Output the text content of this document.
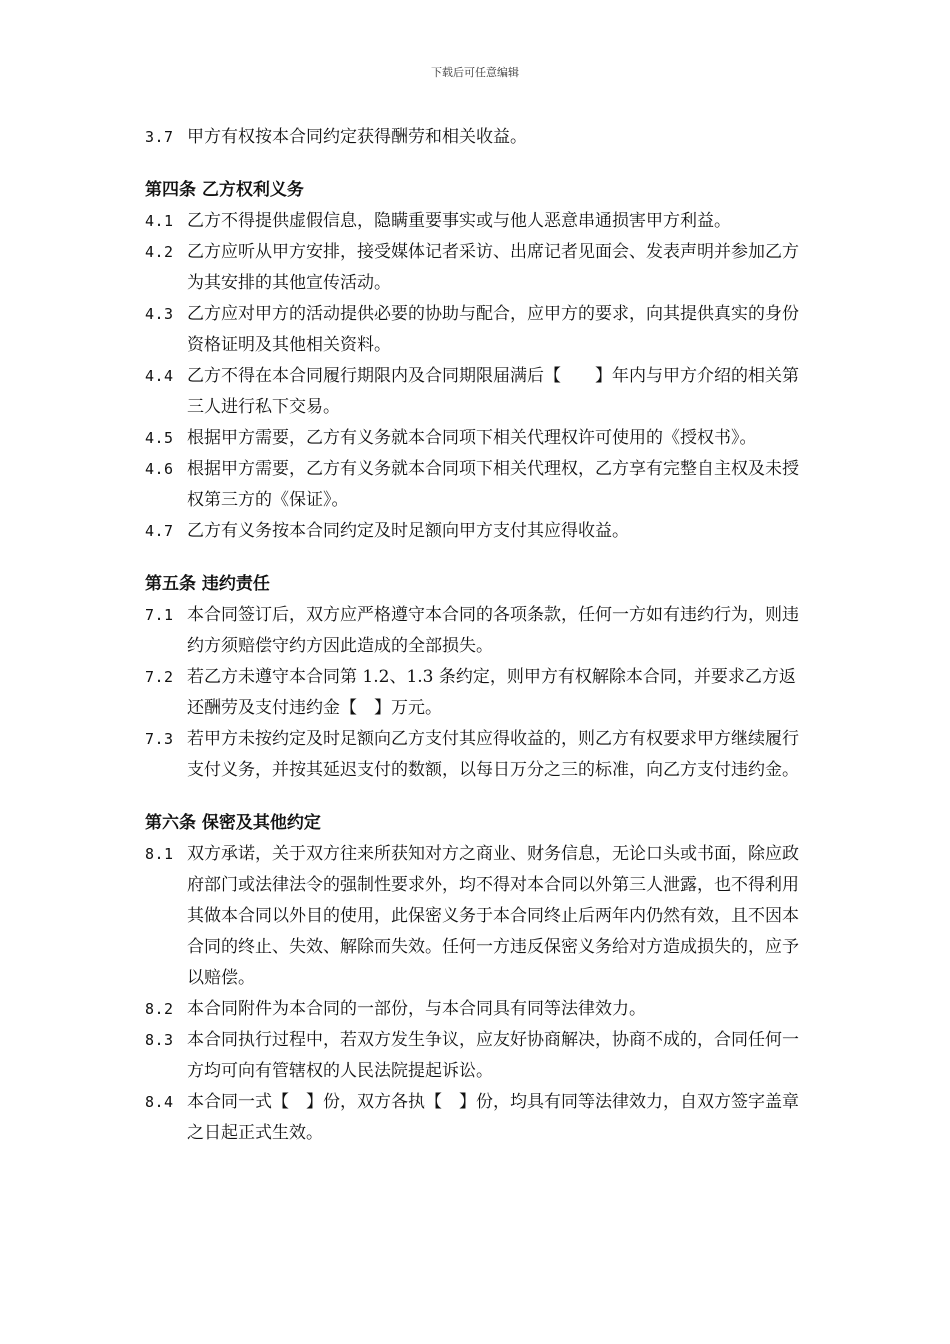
下载后可任意编辑
3.7 甲方有权按本合同约定获得酬劳和相关收益。
第四条 乙方权利义务
4.1 乙方不得提供虚假信息，隐瞒重要事实或与他人恶意串通损害甲方利益。
4.2 乙方应听从甲方安排，接受媒体记者采访、出席记者见面会、发表声明并参加乙方为其安排的其他宣传活动。
4.3 乙方应对甲方的活动提供必要的协助与配合，应甲方的要求，向其提供真实的身份资格证明及其他相关资料。
4.4 乙方不得在本合同履行期限内及合同期限届满后【　　】年内与甲方介绍的相关第三人进行私下交易。
4.5 根据甲方需要，乙方有义务就本合同项下相关代理权许可使用的《授权书》。
4.6 根据甲方需要，乙方有义务就本合同项下相关代理权，乙方享有完整自主权及未授权第三方的《保证》。
4.7 乙方有义务按本合同约定及时足额向甲方支付其应得收益。
第五条 违约责任
7.1 本合同签订后，双方应严格遵守本合同的各项条款，任何一方如有违约行为，则违约方须赔偿守约方因此造成的全部损失。
7.2 若乙方未遵守本合同第 1.2、1.3 条约定，则甲方有权解除本合同，并要求乙方返还酬劳及支付违约金【　】万元。
7.3 若甲方未按约定及时足额向乙方支付其应得收益的，则乙方有权要求甲方继续履行支付义务，并按其延迟支付的数额，以每日万分之三的标准，向乙方支付违约金。
第六条 保密及其他约定
8.1 双方承诺，关于双方往来所获知对方之商业、财务信息，无论口头或书面，除应政府部门或法律法令的强制性要求外，均不得对本合同以外第三人泄露，也不得利用其做本合同以外目的使用，此保密义务于本合同终止后两年内仍然有效，且不因本合同的终止、失效、解除而失效。任何一方违反保密义务给对方造成损失的，应予以赔偿。
8.2 本合同附件为本合同的一部份，与本合同具有同等法律效力。
8.3 本合同执行过程中，若双方发生争议，应友好协商解决，协商不成的，合同任何一方均可向有管辖权的人民法院提起诉讼。
8.4 本合同一式【　】份，双方各执【　】份，均具有同等法律效力，自双方签字盖章之日起正式生效。
